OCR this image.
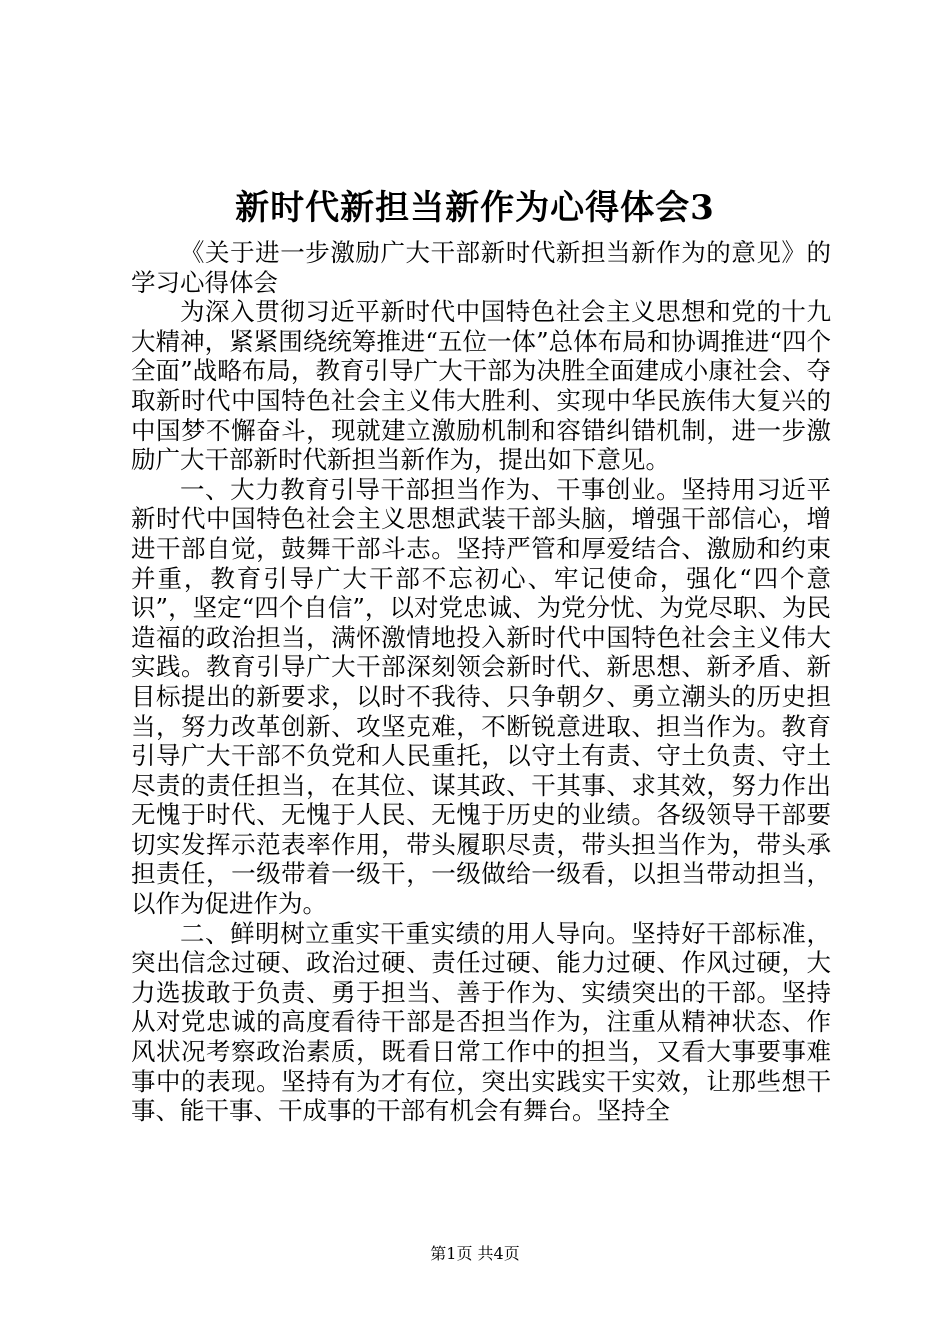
新时代新担当新作为心得体会3

《关于进一步激励广大干部新时代新担当新作为的意见》的学习心得体会

为深入贯彻习近平新时代中国特色社会主义思想和党的十九大精神，紧紧围绕统筹推进“五位一体”总体布局和协调推进“四个全面”战略布局，教育引导广大干部为决胜全面建成小康社会、夺取新时代中国特色社会主义伟大胜利、实现中华民族伟大复兴的中国梦不懈奋斗，现就建立激励机制和容错纠错机制，进一步激励广大干部新时代新担当新作为，提出如下意见。

一、大力教育引导干部担当作为、干事创业。坚持用习近平新时代中国特色社会主义思想武装干部头脑，增强干部信心，增进干部自觉，鼓舞干部斗志。坚持严管和厚爱结合、激励和约束并重，教育引导广大干部不忘初心、牢记使命，强化“四个意识”，坚定“四个自信”，以对党忠诚、为党分忧、为党尽职、为民造福的政治担当，满怀激情地投入新时代中国特色社会主义伟大实践。教育引导广大干部深刻领会新时代、新思想、新矛盾、新目标提出的新要求，以时不我待、只争朝夕、勇立潮头的历史担当，努力改革创新、攻坚克难，不断锐意进取、担当作为。教育引导广大干部不负党和人民重托，以守土有责、守土负责、守土尽责的责任担当，在其位、谋其政、干其事、求其效，努力作出无愧于时代、无愧于人民、无愧于历史的业绩。各级领导干部要切实发挥示范表率作用，带头履职尽责，带头担当作为，带头承担责任，一级带着一级干，一级做给一级看，以担当带动担当，以作为促进作为。

二、鲜明树立重实干重实绩的用人导向。坚持好干部标准，突出信念过硬、政治过硬、责任过硬、能力过硬、作风过硬，大力选拔敢于负责、勇于担当、善于作为、实绩突出的干部。坚持从对党忠诚的高度看待干部是否担当作为，注重从精神状态、作风状况考察政治素质，既看日常工作中的担当，又看大事要事难事中的表现。坚持有为才有位，突出实践实干实效，让那些想干事、能干事、干成事的干部有机会有舞台。坚持全

第1页 共4页
